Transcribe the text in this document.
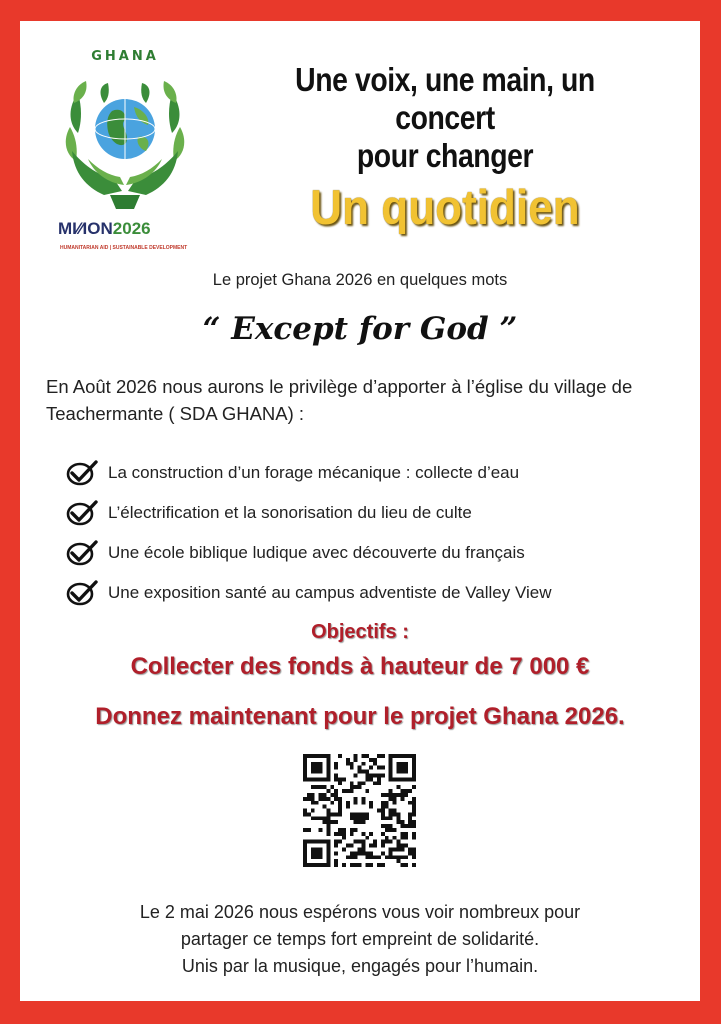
GHANA
MI⁄⁄ION2026
HUMANITARIAN AID | SUSTAINABLE DEVELOPMENT
Une voix, une main, un concert
pour changer
Un quotidien
Le projet Ghana 2026 en quelques mots
“ Except for God ”
En Août 2026 nous aurons le privilège d’apporter à l’église du village de Teachermante ( SDA GHANA) :
La construction d’un forage mécanique : collecte d’eau
L’électrification et la sonorisation du lieu de culte
Une école biblique ludique avec découverte du français
Une exposition santé au campus adventiste de Valley View
Objectifs :
Collecter des fonds à hauteur de 7 000 €
Donnez maintenant pour le projet Ghana 2026.
Le 2 mai 2026 nous espérons vous voir nombreux pour
partager ce temps fort empreint de solidarité.
Unis par la musique, engagés pour l’humain.
